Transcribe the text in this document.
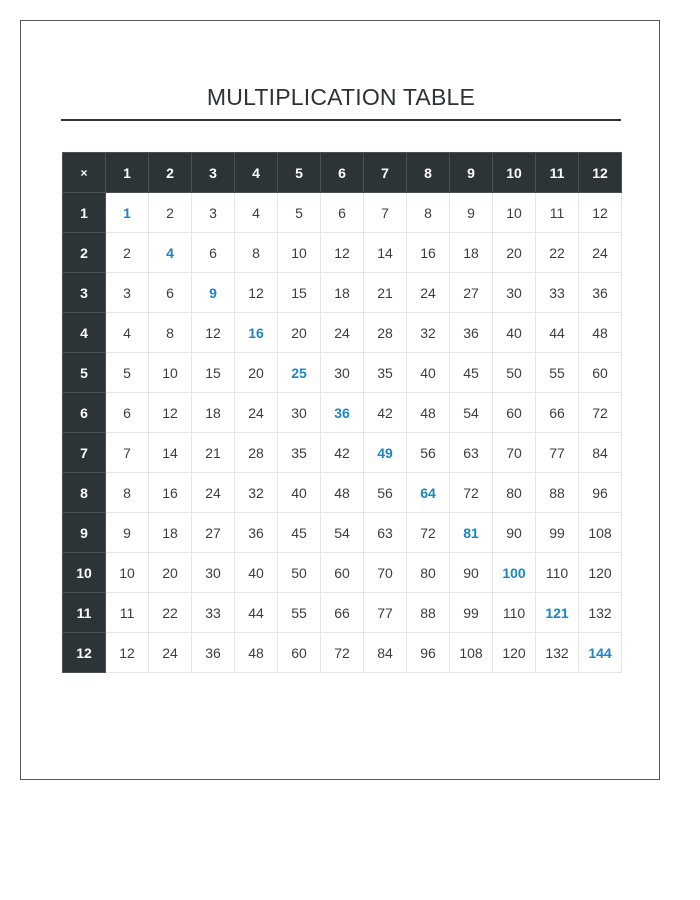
MULTIPLICATION TABLE
×	1	2	3	4	5	6	7	8	9	10	11	12
1	1	2	3	4	5	6	7	8	9	10	11	12
2	2	4	6	8	10	12	14	16	18	20	22	24
3	3	6	9	12	15	18	21	24	27	30	33	36
4	4	8	12	16	20	24	28	32	36	40	44	48
5	5	10	15	20	25	30	35	40	45	50	55	60
6	6	12	18	24	30	36	42	48	54	60	66	72
7	7	14	21	28	35	42	49	56	63	70	77	84
8	8	16	24	32	40	48	56	64	72	80	88	96
9	9	18	27	36	45	54	63	72	81	90	99	108
10	10	20	30	40	50	60	70	80	90	100	110	120
11	11	22	33	44	55	66	77	88	99	110	121	132
12	12	24	36	48	60	72	84	96	108	120	132	144
